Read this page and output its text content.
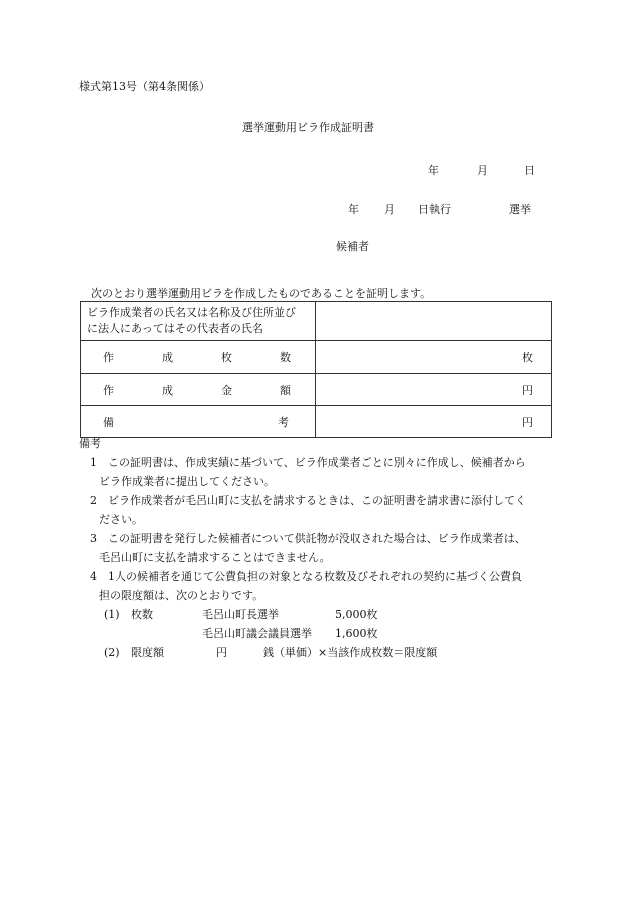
様式第13号（第4条関係）
選挙運動用ビラ作成証明書
年	月	日
年 月 日執行	選挙
候補者
次のとおり選挙運動用ビラを作成したものであることを証明します。
ビラ作成業者の氏名又は名称及び住所並び
に法人にあってはその代表者の氏名	

作 成 枚 数	枚

作 成 金 額	円

備 考	円
備考
1　この証明書は、作成実績に基づいて、ビラ作成業者ごとに別々に作成し、候補者から
ビラ作成業者に提出してください。
2　ビラ作成業者が毛呂山町に支払を請求するときは、この証明書を請求書に添付してく
ださい。
3　この証明書を発行した候補者について供託物が没収された場合は、ビラ作成業者は、
毛呂山町に支払を請求することはできません。
4　1人の候補者を通じて公費負担の対象となる枚数及びそれぞれの契約に基づく公費負
担の限度額は、次のとおりです。
(1) 枚数	毛呂山町長選挙	5,000枚
毛呂山町議会議員選挙 1,600枚
(2) 限度額	円	銭（単価）×当該作成枚数＝限度額
